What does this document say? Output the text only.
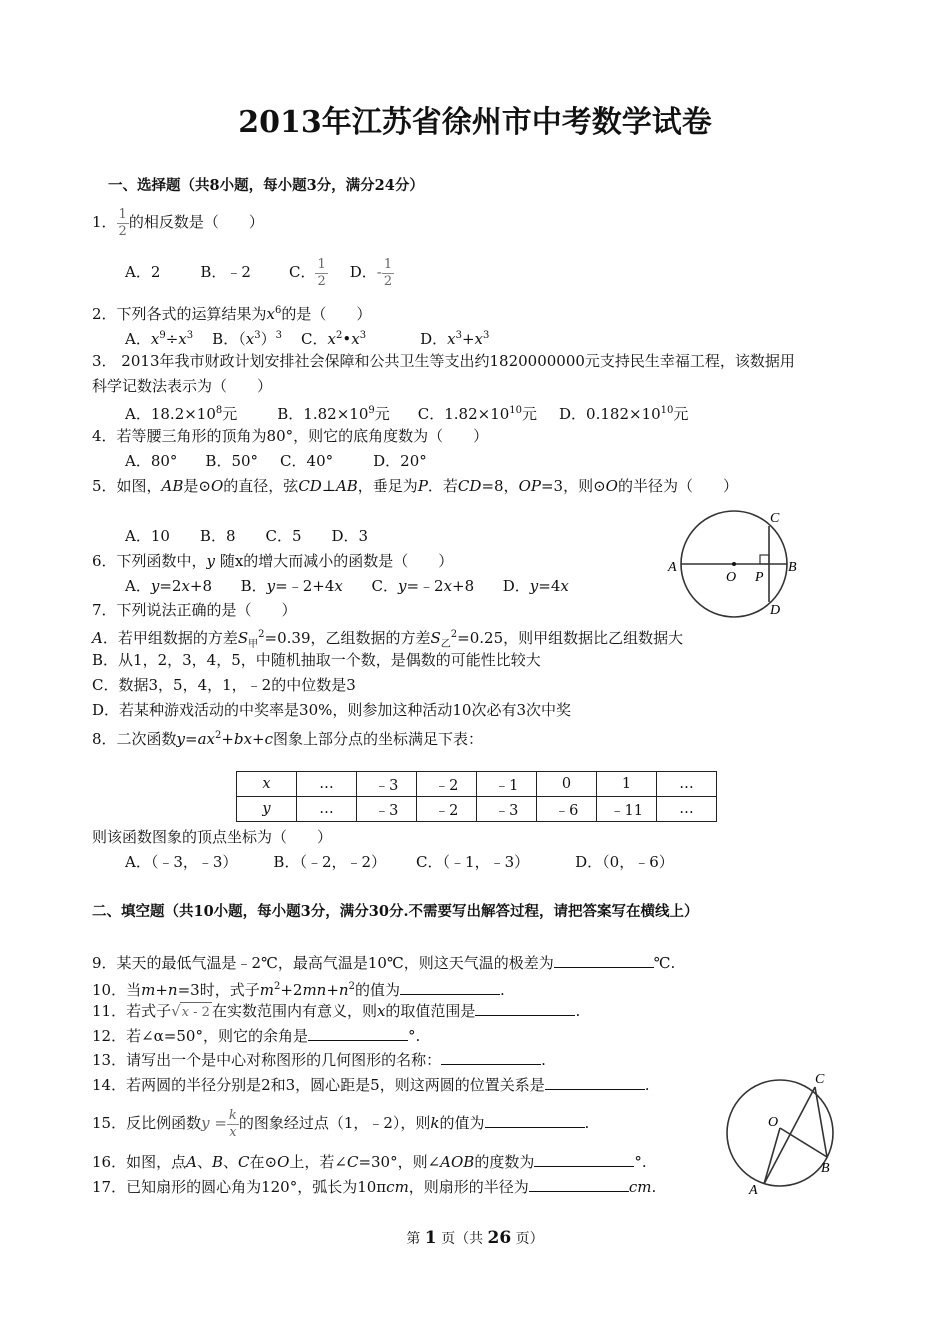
2013年江苏省徐州市中考数学试卷
一、选择题（共8小题，每小题3分，满分24分）
1． $\frac{1}{2}$ 的相反数是（　　）
A．2	B．﹣2	C． $\frac{1}{2}$ D．- $\frac{1}{2}$
2．下列各式的运算结果为$x^6$的是（　　）
A．$x^9\div x^3$    B．$(x^3)^3$    C．$x^2•x^3$	D．$x^3+x^3$
3． 2013年我市财政计划安排社会保障和公共卫生等支出约1820000000元支持民生幸福工程，该数据用
科学记数法表示为（　　）
A．$18.2\times 10^8$元	B．$1.82\times 10^9$元 C．$1.82\times 10^{10}$元 D．$0.182\times 10^{10}$元
4．若等腰三角形的顶角为80°，则它的底角度数为（　　）
A．80° B．50° C．40°	D．20°
5．如图，AB是⊙O的直径，弦CD⊥AB，垂足为P．若CD=8，OP=3，则⊙O的半径为（　　）
A．10 B．8 C．5 D．3
C
A
O P
B
D
6．下列函数中，y 随x的增大而减小的函数是（　　）
A．y=2x+8      B．y=﹣2+4x      C．y=﹣2x+8      D．y=4x
7．下列说法正确的是（　　）
A．若甲组数据的方差$S_甲^2=0.39$，乙组数据的方差$S_乙^2=0.25$，则甲组数据比乙组数据大
B．从1，2，3，4，5，中随机抽取一个数，是偶数的可能性比较大
C．数据3，5，4，1，﹣2的中位数是3
D．若某种游戏活动的中奖率是30%，则参加这种活动10次必有3次中奖
8．二次函数$y=ax^2+bx+c$图象上部分点的坐标满足下表：
x	…	﹣3	﹣2	﹣1	0	1	…
y	…	﹣3	﹣2	﹣3	﹣6	﹣11	…
则该函数图象的顶点坐标为（　　）
A．（﹣3，﹣3） B．（﹣2，﹣2） C．（﹣1，﹣3）	D．（0，﹣6）
二、填空题（共10小题，每小题3分，满分30分.不需要写出解答过程，请把答案写在横线上）
9．某天的最低气温是﹣2℃，最高气温是10℃，则这天气温的极差为	℃.
10．当m+n=3时，式子$m^2+2mn+n^2$的值为	.
11．若式子√x - 2 在实数范围内有意义，则x的取值范围是	.
12．若∠α=50°，则它的余角是	°.
13．请写出一个是中心对称图形的几何图形的名称：	.
14．若两圆的半径分别是2和3，圆心距是5，则这两圆的位置关系是	.
15．反比例函数$y = \frac{k}{x}$ 的图象经过点（1，﹣2），则k的值为	.
16．如图，点A、B、C在⊙O上，若∠C=30°，则∠AOB的度数为	°.
17．已知扇形的圆心角为120°，弧长为10πcm，则扇形的半径为	cm.
C
O
B
A
第 1 页（共 26 页）
